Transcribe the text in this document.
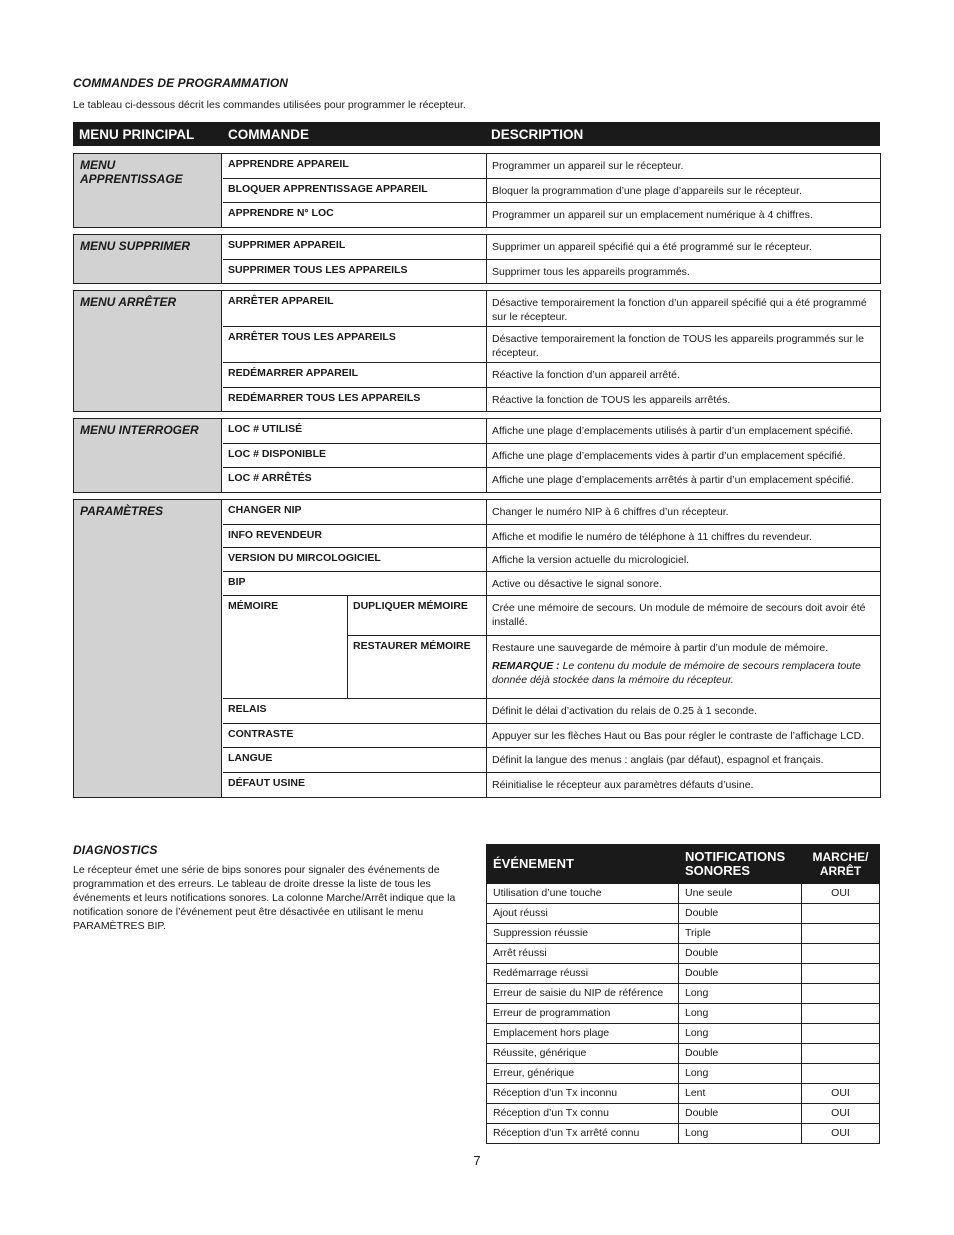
COMMANDES DE PROGRAMMATION
Le tableau ci-dessous décrit les commandes utilisées pour programmer le récepteur.
MENU PRINCIPAL COMMANDE	DESCRIPTION
MENU APPRENTISSAGE
APPRENDRE APPAREIL	Programmer un appareil sur le récepteur.
BLOQUER APPRENTISSAGE APPAREIL	Bloquer la programmation d’une plage d’appareils sur le récepteur.
APPRENDRE N° LOC	Programmer un appareil sur un emplacement numérique à 4 chiffres.
MENU SUPPRIMER	SUPPRIMER APPAREIL	Supprimer un appareil spécifié qui a été programmé sur le récepteur.
SUPPRIMER TOUS LES APPAREILS	Supprimer tous les appareils programmés.
MENU ARRÊTER	ARRÊTER APPAREIL	Désactive temporairement la fonction d’un appareil spécifié qui a été programmé sur le récepteur.
ARRÊTER TOUS LES APPAREILS	Désactive temporairement la fonction de TOUS les appareils programmés sur le récepteur.
REDÉMARRER APPAREIL	Réactive la fonction d’un appareil arrêté.
REDÉMARRER TOUS LES APPAREILS	Réactive la fonction de TOUS les appareils arrêtés.
MENU INTERROGER	LOC # UTILISÉ	Affiche une plage d’emplacements utilisés à partir d’un emplacement spécifié.
LOC # DISPONIBLE	Affiche une plage d’emplacements vides à partir d’un emplacement spécifié.
LOC # ARRÊTÉS	Affiche une plage d’emplacements arrêtés à partir d’un emplacement spécifié.
PARAMÈTRES	CHANGER NIP	Changer le numéro NIP à 6 chiffres d’un récepteur.
INFO REVENDEUR	Affiche et modifie le numéro de téléphone à 11 chiffres du revendeur.
VERSION DU MIRCOLOGICIEL	Affiche la version actuelle du micrologiciel.
BIP	Active ou désactive le signal sonore.
MÉMOIRE	DUPLIQUER MÉMOIRE	Crée une mémoire de secours. Un module de mémoire de secours doit avoir été installé.
RESTAURER MÉMOIRE	Restaure une sauvegarde de mémoire à partir d’un module de mémoire.
REMARQUE : Le contenu du module de mémoire de secours remplacera toute donnée déjà stockée dans la mémoire du récepteur.
RELAIS	Définit le délai d’activation du relais de 0.25 à 1 seconde.
CONTRASTE	Appuyer sur les flèches Haut ou Bas pour régler le contraste de l’affichage LCD.
LANGUE	Définit la langue des menus : anglais (par défaut), espagnol et français.
DÉFAUT USINE	Réinitialise le récepteur aux paramètres défauts d’usine.
DIAGNOSTICS
Le récepteur émet une série de bips sonores pour signaler des événements de programmation et des erreurs. Le tableau de droite dresse la liste de tous les événements et leurs notifications sonores. La colonne Marche/Arrêt indique que la notification sonore de l’événement peut être désactivée en utilisant le menu PARAMÈTRES BIP.
ÉVÉNEMENT	NOTIFICATIONS SONORES	MARCHE/ ARRÊT
Utilisation d’une touche	Une seule	OUI
Ajout réussi	Double	
Suppression réussie	Triple	
Arrêt réussi	Double	
Redémarrage réussi	Double	
Erreur de saisie du NIP de référence	Long	
Erreur de programmation	Long	
Emplacement hors plage	Long	
Réussite, générique	Double	
Erreur, générique	Long	
Réception d’un Tx inconnu	Lent	OUI
Réception d’un Tx connu	Double	OUI
Réception d’un Tx arrêté connu	Long	OUI
7
